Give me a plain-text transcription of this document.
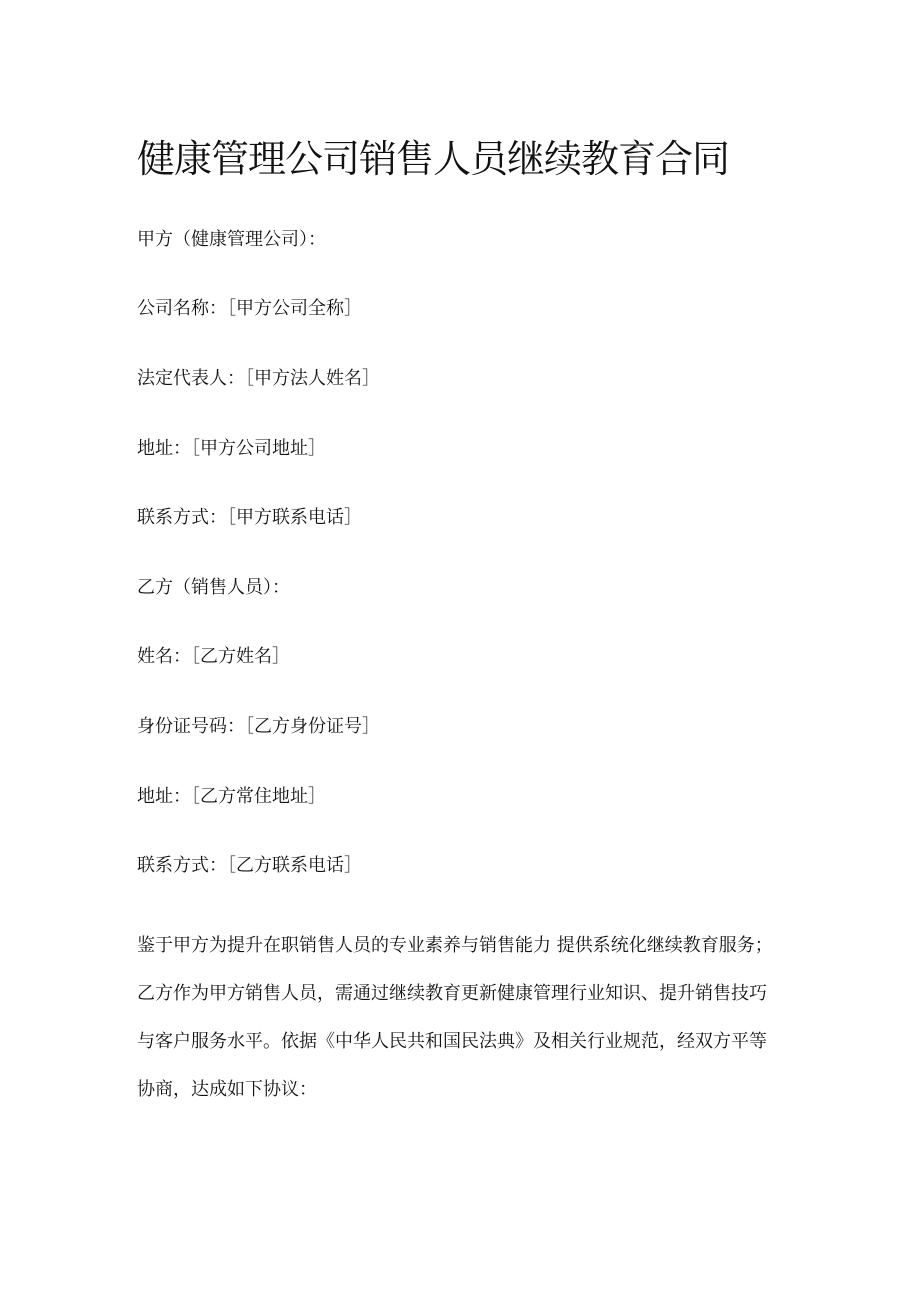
健康管理公司销售人员继续教育合同

甲方（健康管理公司）：

公司名称：［甲方公司全称］

法定代表人：［甲方法人姓名］

地址：［甲方公司地址］

联系方式：［甲方联系电话］

乙方（销售人员）：

姓名：［乙方姓名］

身份证号码：［乙方身份证号］

地址：［乙方常住地址］

联系方式：［乙方联系电话］

鉴于甲方为提升在职销售人员的专业素养与销售能力 提供系统化继续教育服务；
乙方作为甲方销售人员，需通过继续教育更新健康管理行业知识、提升销售技巧
与客户服务水平。依据《中华人民共和国民法典》及相关行业规范，经双方平等
协商，达成如下协议：
